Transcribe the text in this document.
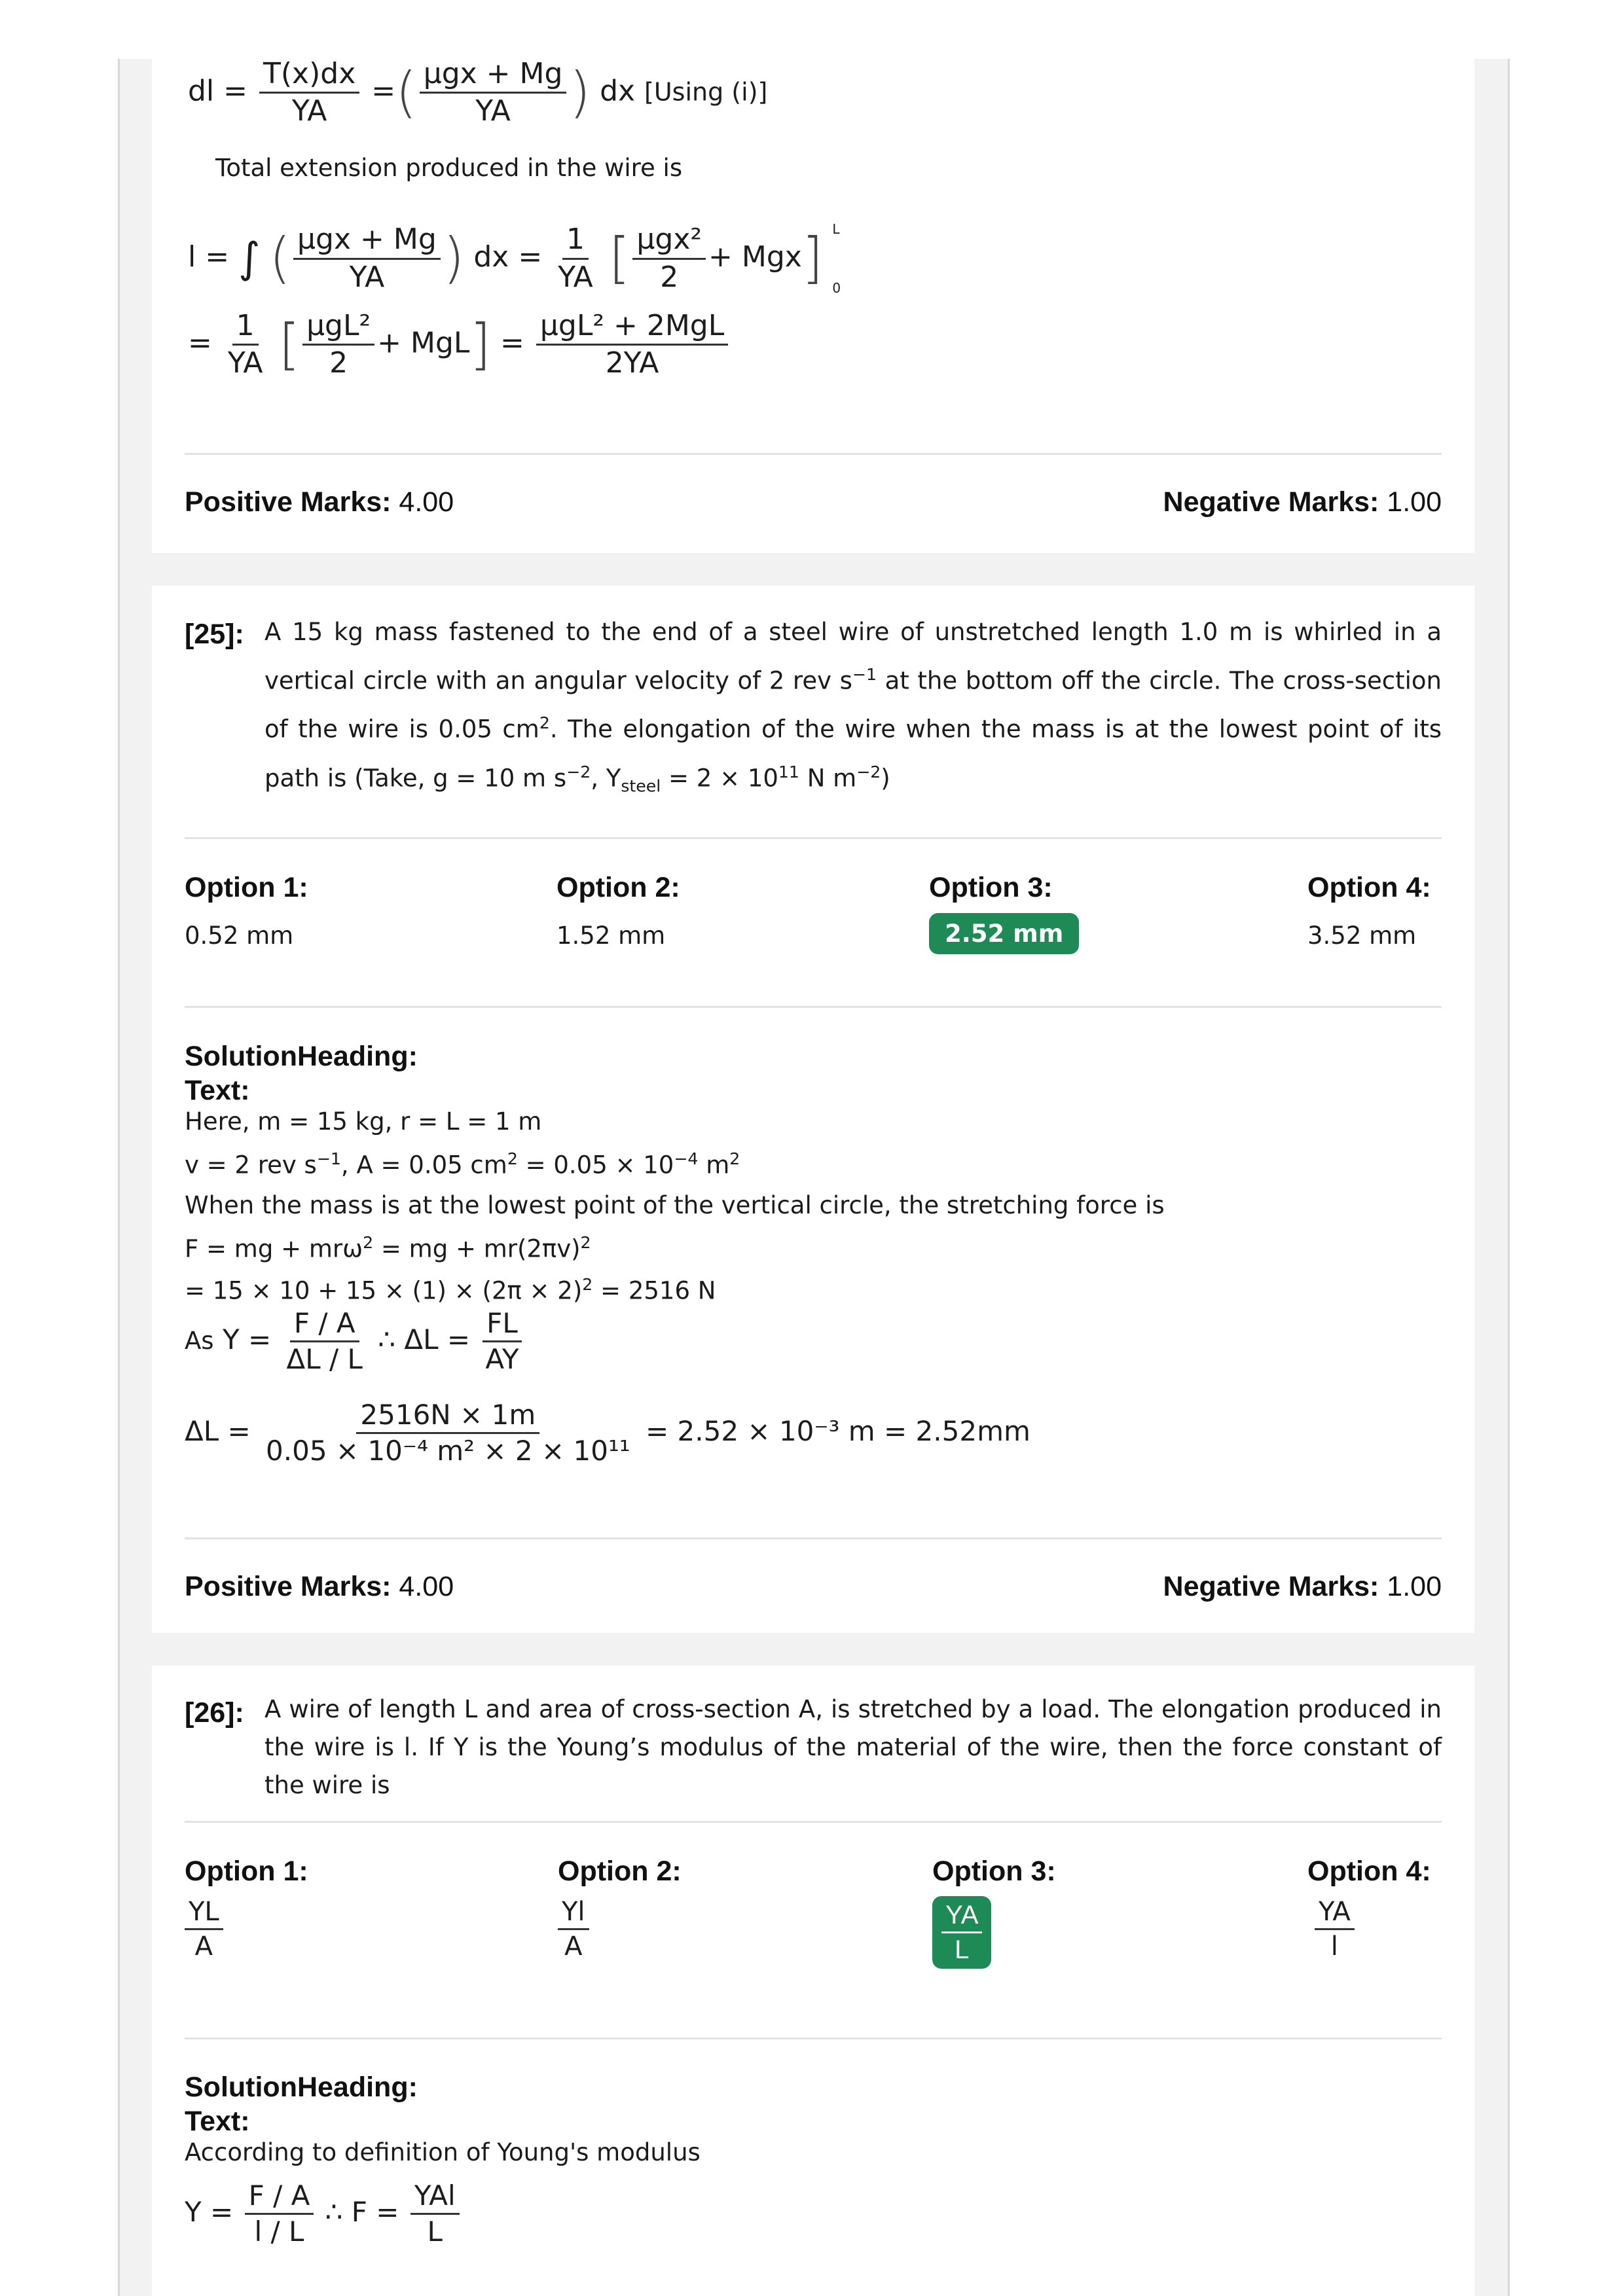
dl = $\frac{T(x)dx}{YA}$ =( $\frac{\text{μgx + Mg}}{YA}$ ) dx [Using (i)]
Total extension produced in the wire is
l = ∫ ( $\frac{\text{μgx + Mg}}{YA}$ ) dx = $\frac{1}{YA}$ [ $\frac{\text{μgx²}}{2} + Mgx$] L
0
= $\frac{1}{YA}$ [ $\frac{\text{μgL²}}{2} + MgL] = \frac{\text{μgL² + 2MgL}}{2YA}$
Positive Marks: 4.00	Negative Marks: 1.00
[25]: A 15 kg mass fastened to the end of a steel wire of unstretched length 1.0 m is whirled in a vertical circle with an angular velocity of 2 rev $s^{-1}$ at the bottom off the circle. The cross-section of the wire is 0.05 $cm^2$. The elongation of the wire when the mass is at the lowest point of its path is (Take, g = 10 m $s^{-2}$, $Y_{steel} = 2 \times 10^{11}$ N $m^{-2}$)
Option 1:
0.52 mm
Option 2:
1.52 mm
Option 3:
2.52 mm
Option 4:
3.52 mm
SolutionHeading:
Text:
Here, m = 15 kg, r = L = 1 m
v = 2 rev $s^{-1}$, A = 0.05 $cm^2 = 0.05 \times 10^{-4}$ $m^2$
When the mass is at the lowest point of the vertical circle, the stretching force is
F = mg + mrω$^2$ = mg + $mr(2\pi v)^2$
= $15 \times 10 + 15 \times (1) \times (2\pi \times 2)^2 = 2516$ N
As $Y = \frac{F / A}{\Delta L / L}$ ∴ $\Delta L = \frac{FL}{AY}$
$\Delta L = \frac{2516N \times 1m}{\text{0.05 × 10⁻⁴ m² × 2 × 10¹¹}} = 2.52 \times 10^{-3}$ m = 2.52mm
Positive Marks: 4.00	Negative Marks: 1.00
[26]: A wire of length L and area of cross-section A, is stretched by a load. The elongation produced in the wire is l. If Y is the Young’s modulus of the material of the wire, then the force constant of the wire is
Option 1:
$\frac{YL}{A}$
Option 2:
$\frac{Yl}{A}$
Option 3:
$\frac{YA}{L}$
Option 4:
$\frac{YA}{l}$
SolutionHeading:
Text:
According to definition of Young's modulus
$Y = \frac{F / A}{l / L}$ ∴ $F = \frac{\text{YAl}}{L}$
